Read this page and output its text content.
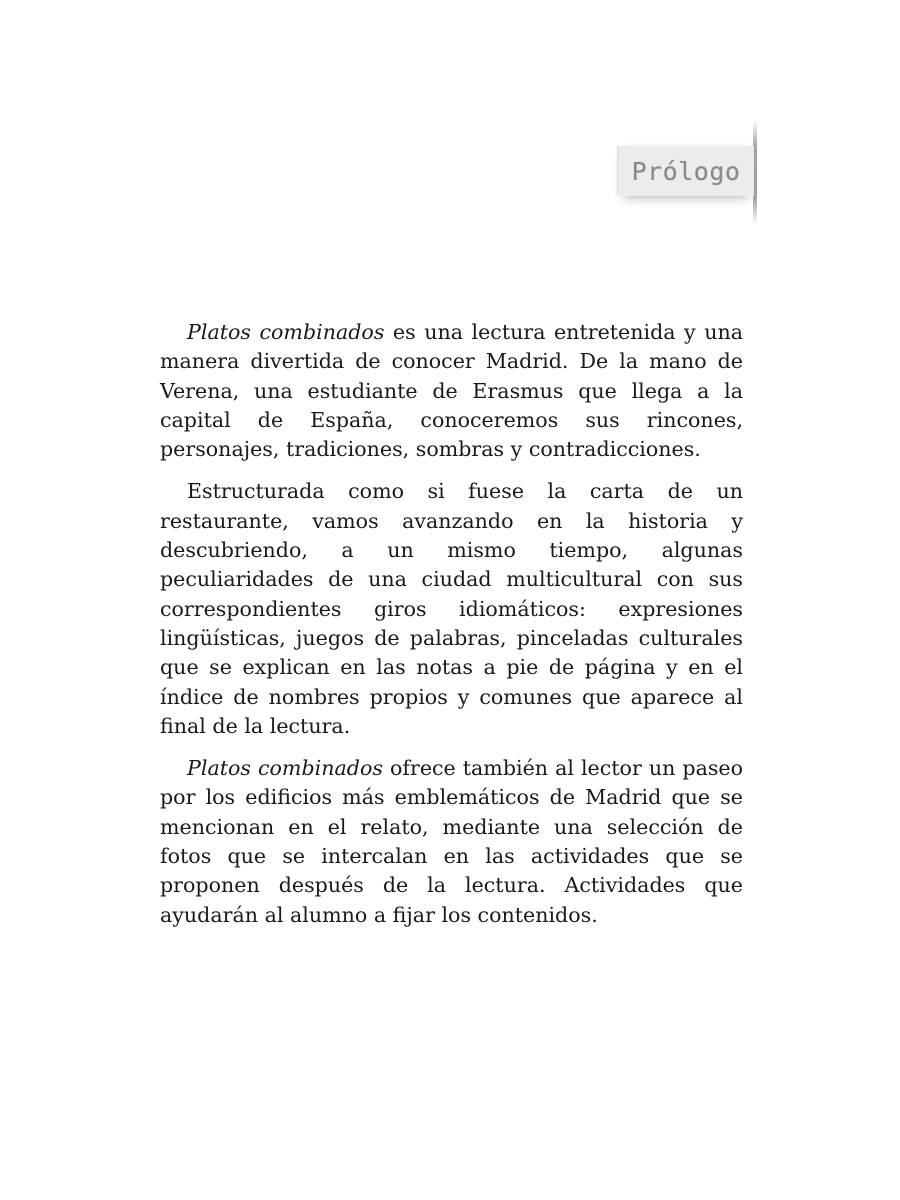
Prólogo

Platos combinados es una lectura entretenida y una manera divertida de conocer Madrid. De la mano de Verena, una estudiante de Erasmus que llega a la capital de España, conoceremos sus rincones, personajes, tradiciones, sombras y contradicciones.

Estructurada como si fuese la carta de un restaurante, vamos avanzando en la historia y descubriendo, a un mismo tiempo, algunas peculiaridades de una ciudad multicultural con sus correspondientes giros idiomáticos: expresiones lingüísticas, juegos de palabras, pinceladas culturales que se explican en las notas a pie de página y en el índice de nombres propios y comunes que aparece al final de la lectura.

Platos combinados ofrece también al lector un paseo por los edificios más emblemáticos de Madrid que se mencionan en el relato, mediante una selección de fotos que se intercalan en las actividades que se proponen después de la lectura. Actividades que ayudarán al alumno a fijar los contenidos.
